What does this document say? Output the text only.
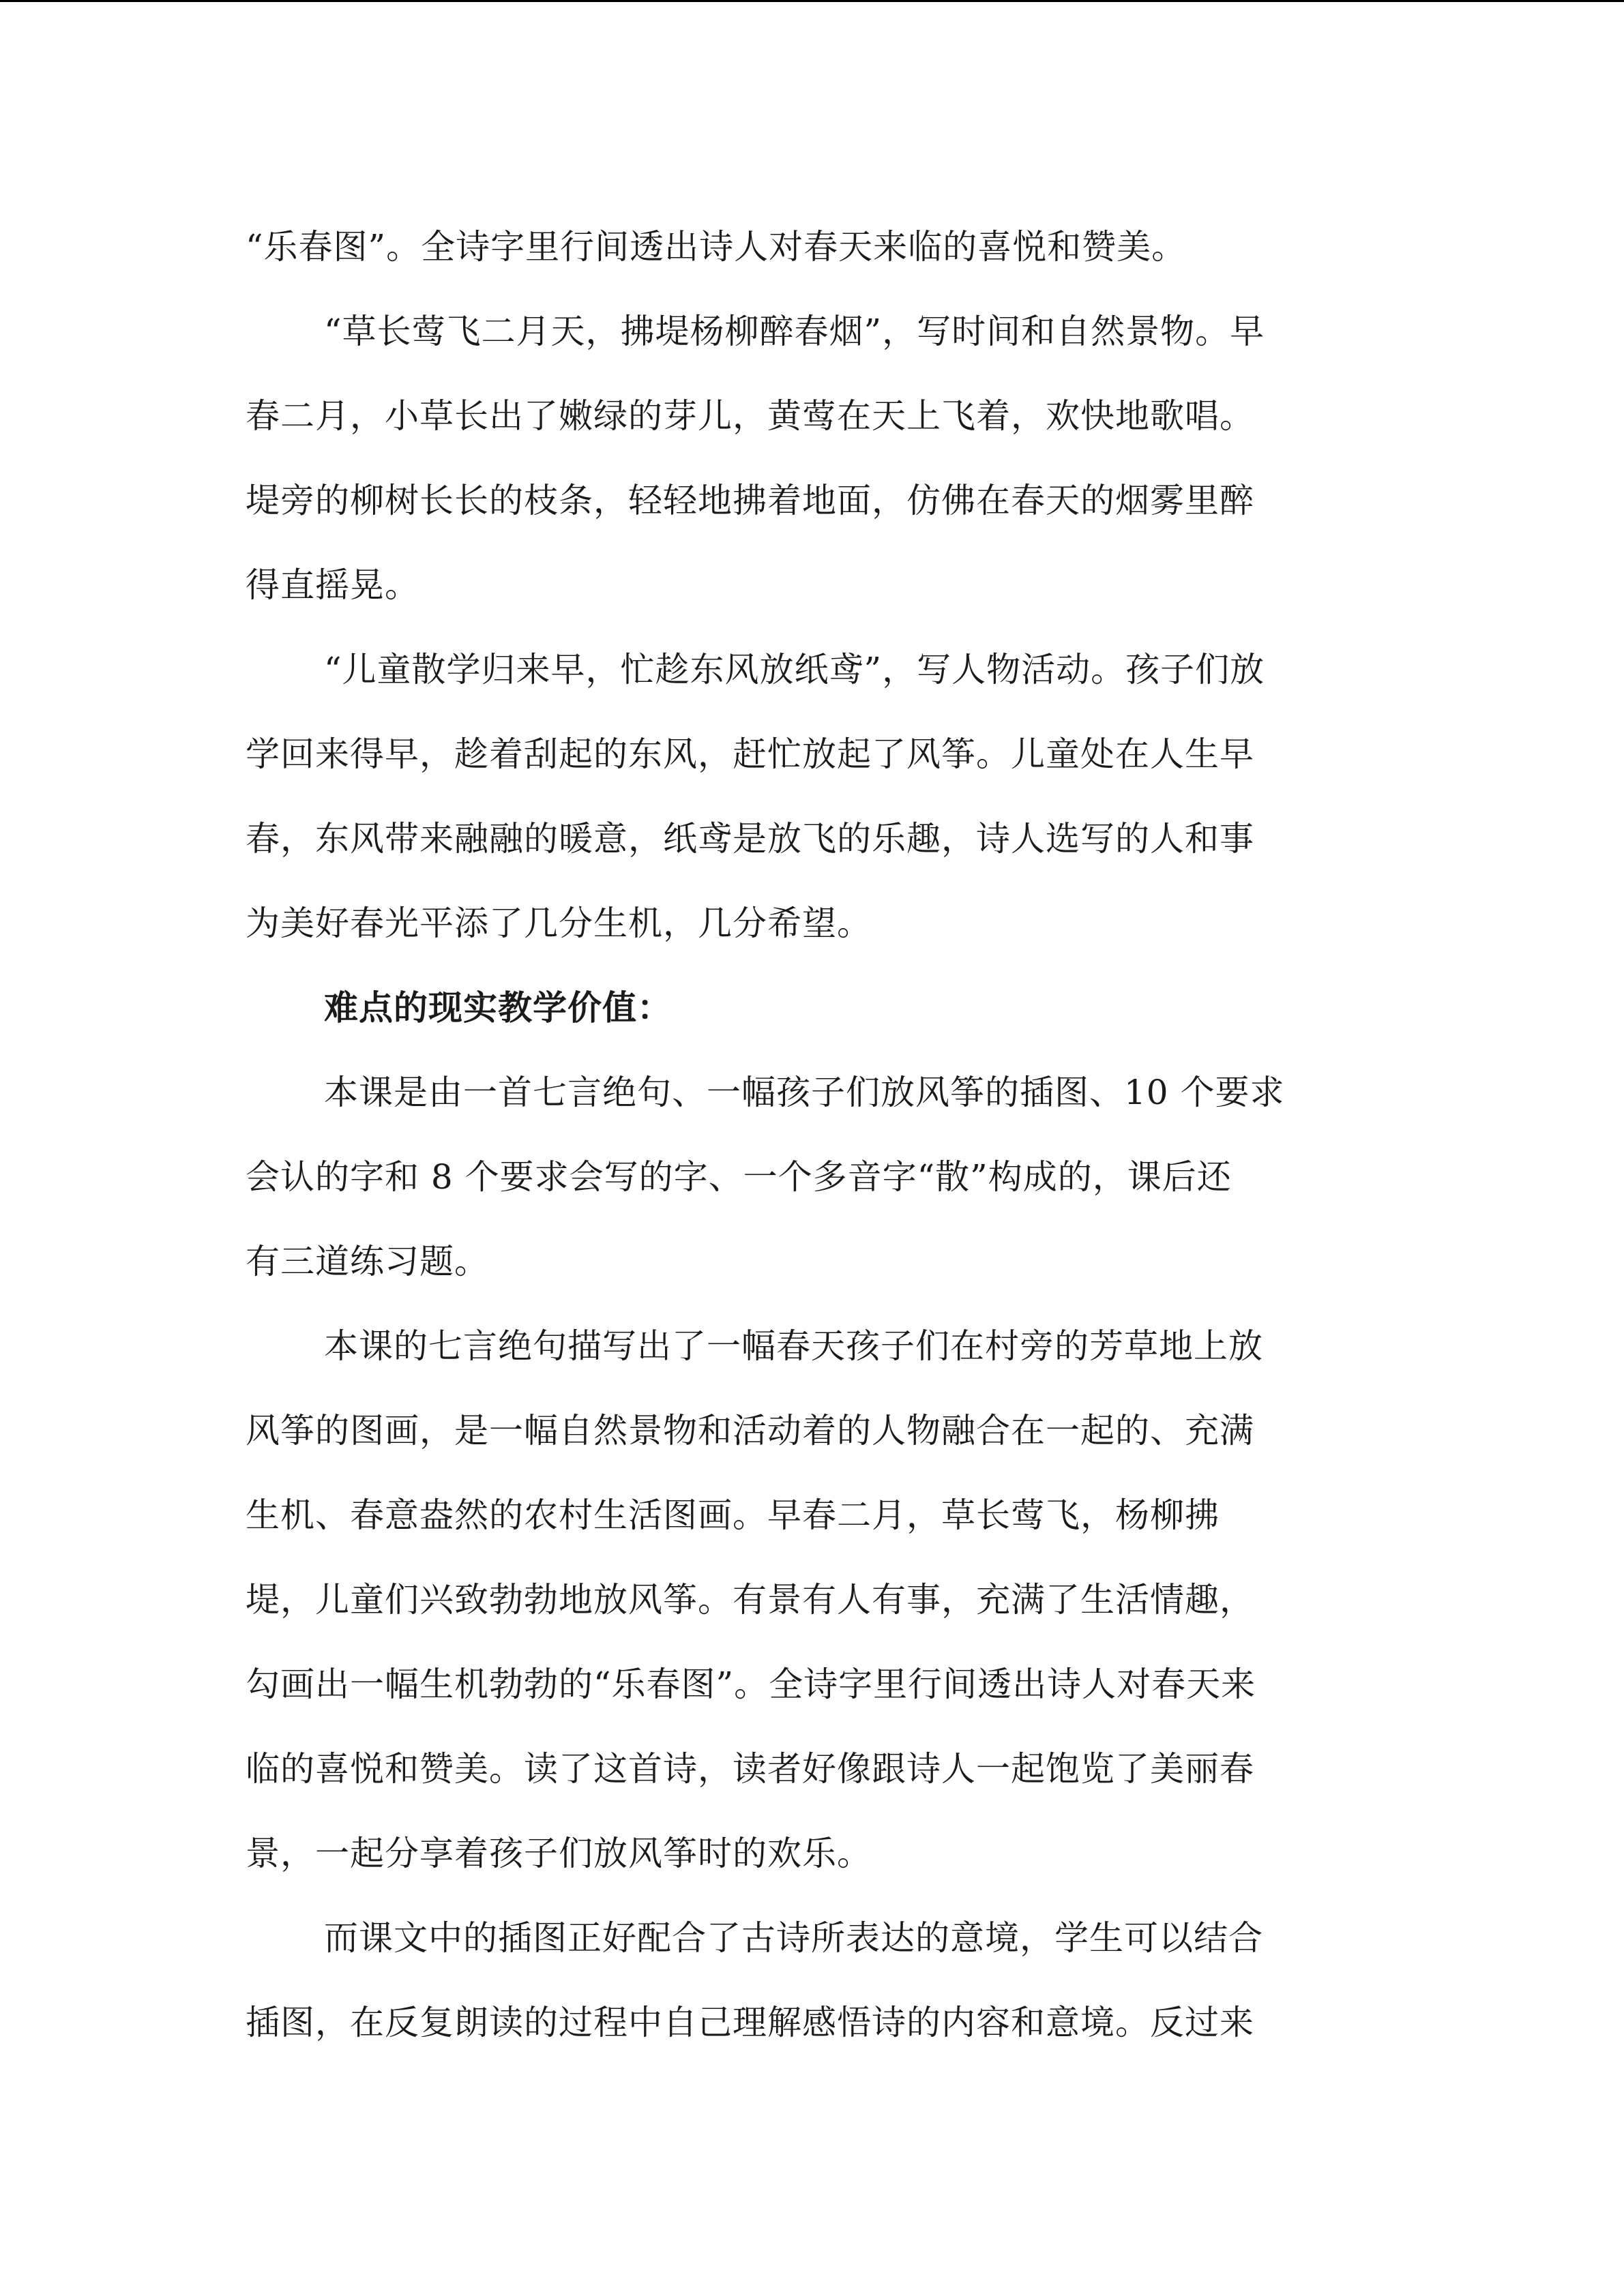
“乐春图”。全诗字里行间透出诗人对春天来临的喜悦和赞美。

“草长莺飞二月天，拂堤杨柳醉春烟”，写时间和自然景物。早

春二月，小草长出了嫩绿的芽儿，黄莺在天上飞着，欢快地歌唱。

堤旁的柳树长长的枝条，轻轻地拂着地面，仿佛在春天的烟雾里醉

得直摇晃。

“儿童散学归来早，忙趁东风放纸鸢”，写人物活动。孩子们放

学回来得早，趁着刮起的东风，赶忙放起了风筝。儿童处在人生早

春，东风带来融融的暖意，纸鸢是放飞的乐趣，诗人选写的人和事

为美好春光平添了几分生机，几分希望。

难点的现实教学价值：

本课是由一首七言绝句、一幅孩子们放风筝的插图、10 个要求

会认的字和 8 个要求会写的字、一个多音字“散”构成的，课后还

有三道练习题。

本课的七言绝句描写出了一幅春天孩子们在村旁的芳草地上放

风筝的图画，是一幅自然景物和活动着的人物融合在一起的、充满

生机、春意盎然的农村生活图画。早春二月，草长莺飞，杨柳拂

堤，儿童们兴致勃勃地放风筝。有景有人有事，充满了生活情趣，

勾画出一幅生机勃勃的“乐春图”。全诗字里行间透出诗人对春天来

临的喜悦和赞美。读了这首诗，读者好像跟诗人一起饱览了美丽春

景，一起分享着孩子们放风筝时的欢乐。

而课文中的插图正好配合了古诗所表达的意境，学生可以结合

插图，在反复朗读的过程中自己理解感悟诗的内容和意境。反过来
